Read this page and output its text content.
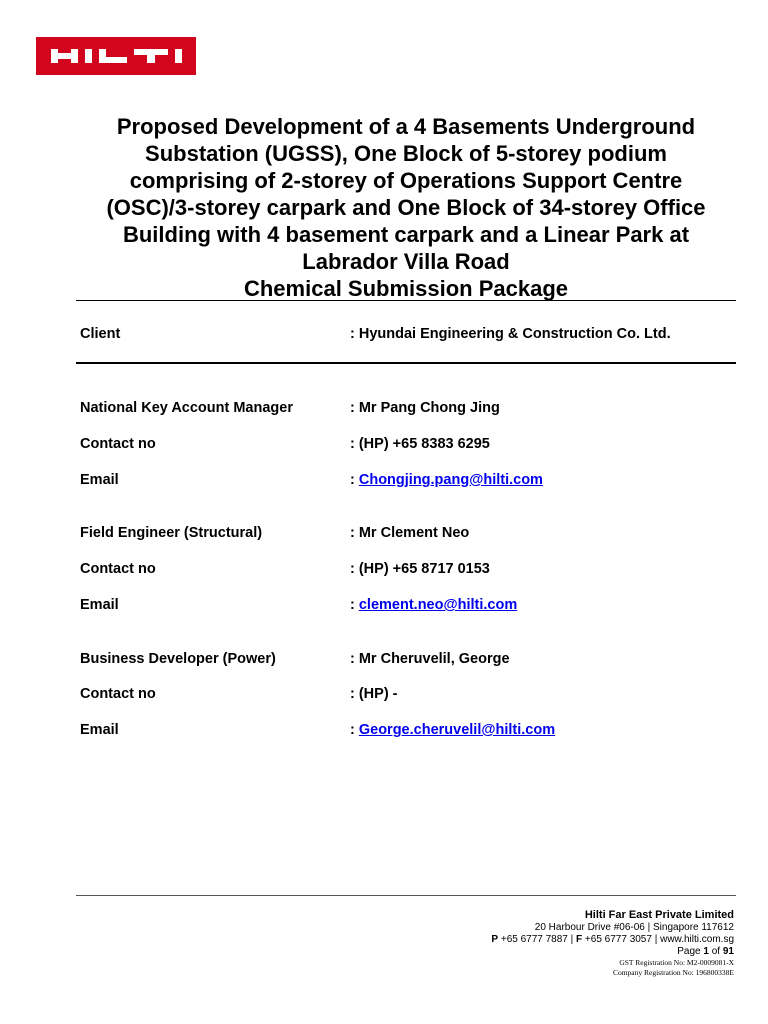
Proposed Development of a 4 Basements Underground
Substation (UGSS), One Block of 5-storey podium
comprising of 2-storey of Operations Support Centre
(OSC)/3-storey carpark and One Block of 34-storey Office
Building with 4 basement carpark and a Linear Park at
Labrador Villa Road
Chemical Submission Package
Client	: Hyundai Engineering & Construction Co. Ltd.
National Key Account Manager	: Mr Pang Chong Jing
Contact no	: (HP) +65 8383 6295
Email	: Chongjing.pang@hilti.com
Field Engineer (Structural)	: Mr Clement Neo
Contact no	: (HP) +65 8717 0153
Email	: clement.neo@hilti.com
Business Developer (Power)	: Mr Cheruvelil, George
Contact no	: (HP) -
Email	: George.cheruvelil@hilti.com
Hilti Far East Private Limited
20 Harbour Drive #06-06 | Singapore 117612
P +65 6777 7887 | F +65 6777 3057 | www.hilti.com.sg
Page 1 of 91
GST Registration No: M2-0009081-X
Company Registration No: 196800338E
